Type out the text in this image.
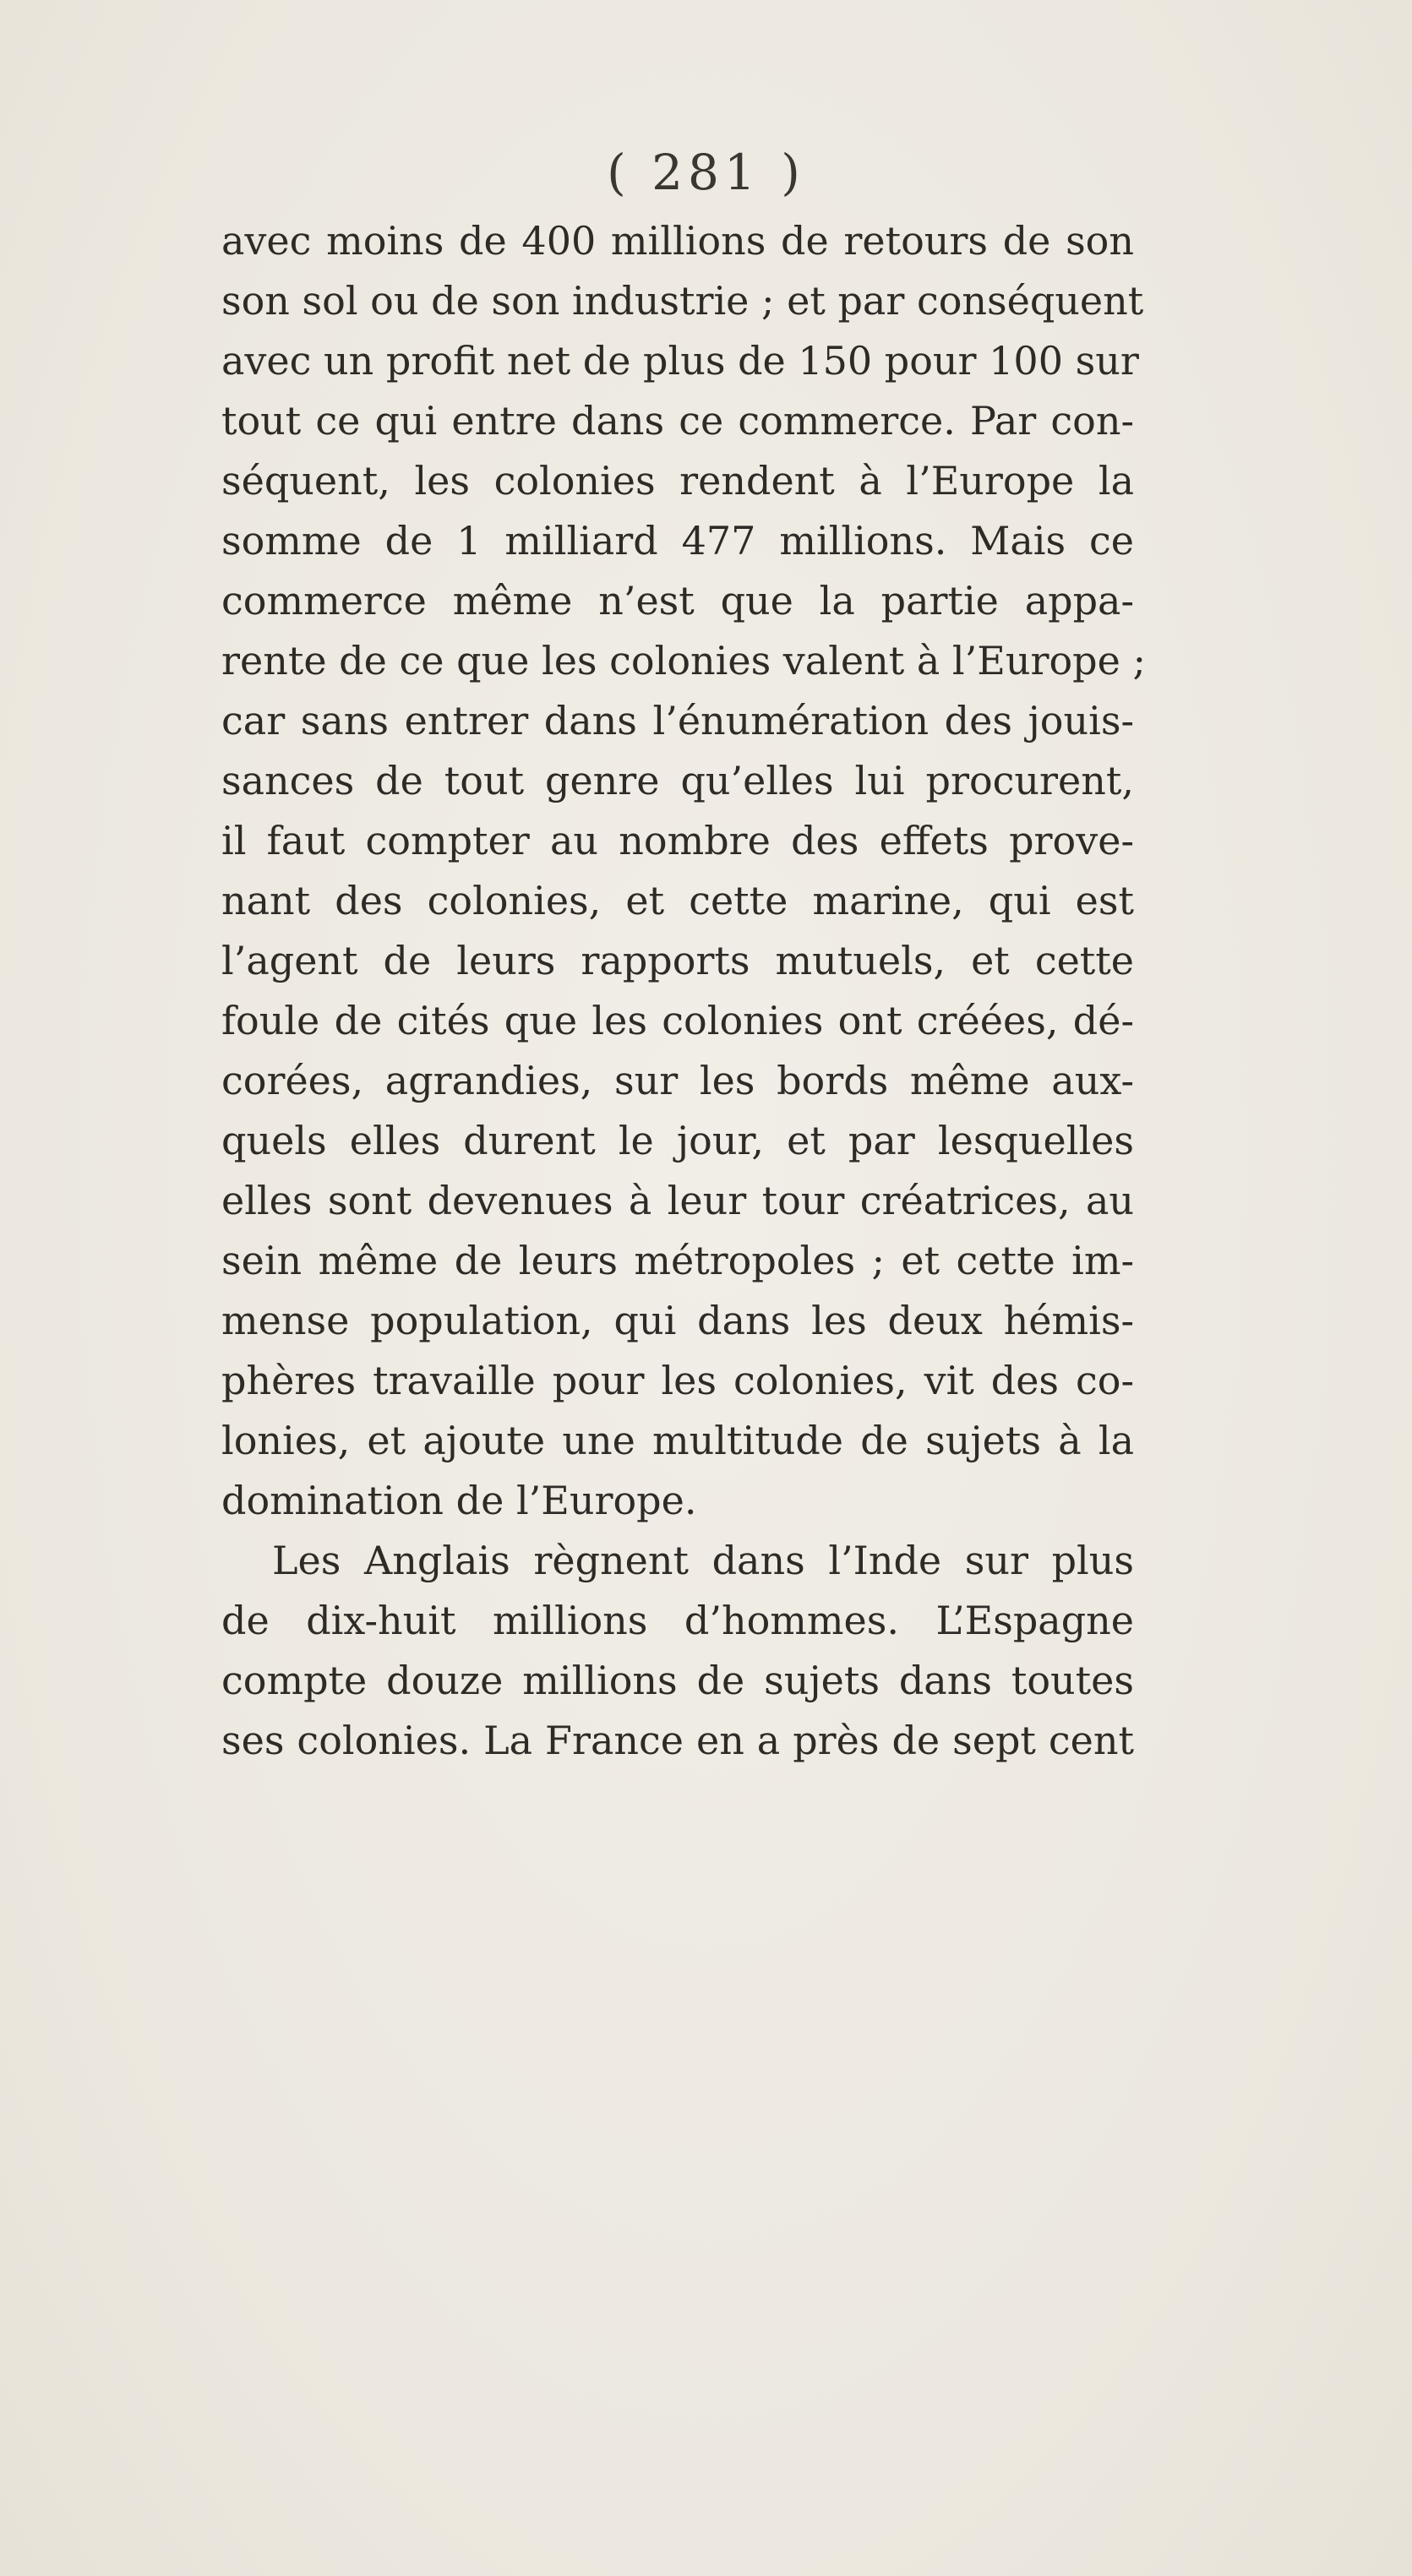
( 281 )
avec moins de 400 millions de retours de son
son sol ou de son industrie ; et par conséquent
avec un profit net de plus de 150 pour 100 sur
tout ce qui entre dans ce commerce. Par con-
séquent, les colonies rendent à l’Europe la
somme de 1 milliard 477 millions. Mais ce
commerce même n’est que la partie appa-
rente de ce que les colonies valent à l’Europe ;
car sans entrer dans l’énumération des jouis-
sances de tout genre qu’elles lui procurent,
il faut compter au nombre des effets prove-
nant des colonies, et cette marine, qui est
l’agent de leurs rapports mutuels, et cette
foule de cités que les colonies ont créées, dé-
corées, agrandies, sur les bords même aux-
quels elles durent le jour, et par lesquelles
elles sont devenues à leur tour créatrices, au
sein même de leurs métropoles ; et cette im-
mense population, qui dans les deux hémis-
phères travaille pour les colonies, vit des co-
lonies, et ajoute une multitude de sujets à la
domination de l’Europe.
Les Anglais règnent dans l’Inde sur plus
de dix-huit millions d’hommes. L’Espagne
compte douze millions de sujets dans toutes
ses colonies. La France en a près de sept cent
